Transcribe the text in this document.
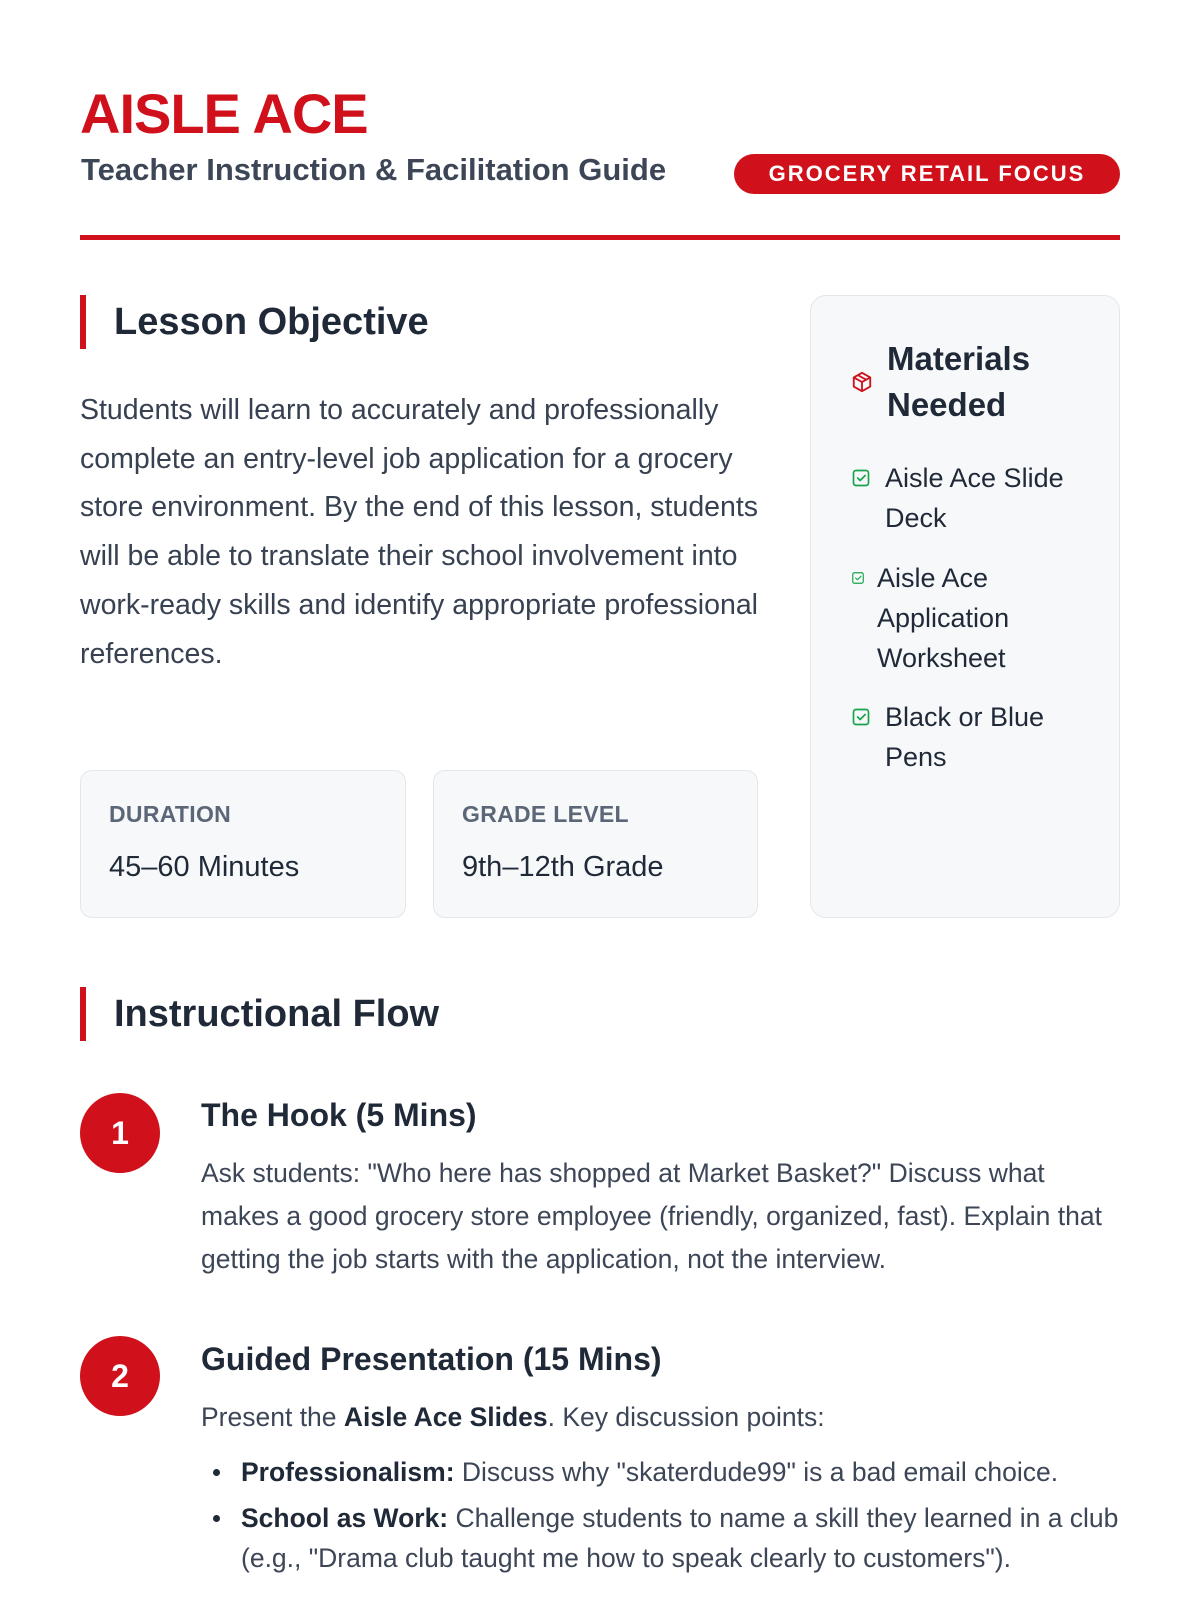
AISLE ACE
Teacher Instruction & Facilitation Guide	GROCERY RETAIL FOCUS
Lesson Objective
Students will learn to accurately and professionally complete an entry-level job application for a grocery store environment. By the end of this lesson, students will be able to translate their school involvement into work-ready skills and identify appropriate professional references.
DURATION
45–60 Minutes
GRADE LEVEL
9th–12th Grade
Materials Needed
Aisle Ace Slide Deck
Aisle Ace Application Worksheet
Black or Blue Pens
Instructional Flow
1	The Hook (5 Mins)
Ask students: "Who here has shopped at Market Basket?" Discuss what makes a good grocery store employee (friendly, organized, fast). Explain that getting the job starts with the application, not the interview.
2	Guided Presentation (15 Mins)
Present the Aisle Ace Slides. Key discussion points:
Professionalism: Discuss why "skaterdude99" is a bad email choice.
School as Work: Challenge students to name a skill they learned in a club (e.g., "Drama club taught me how to speak clearly to customers").
